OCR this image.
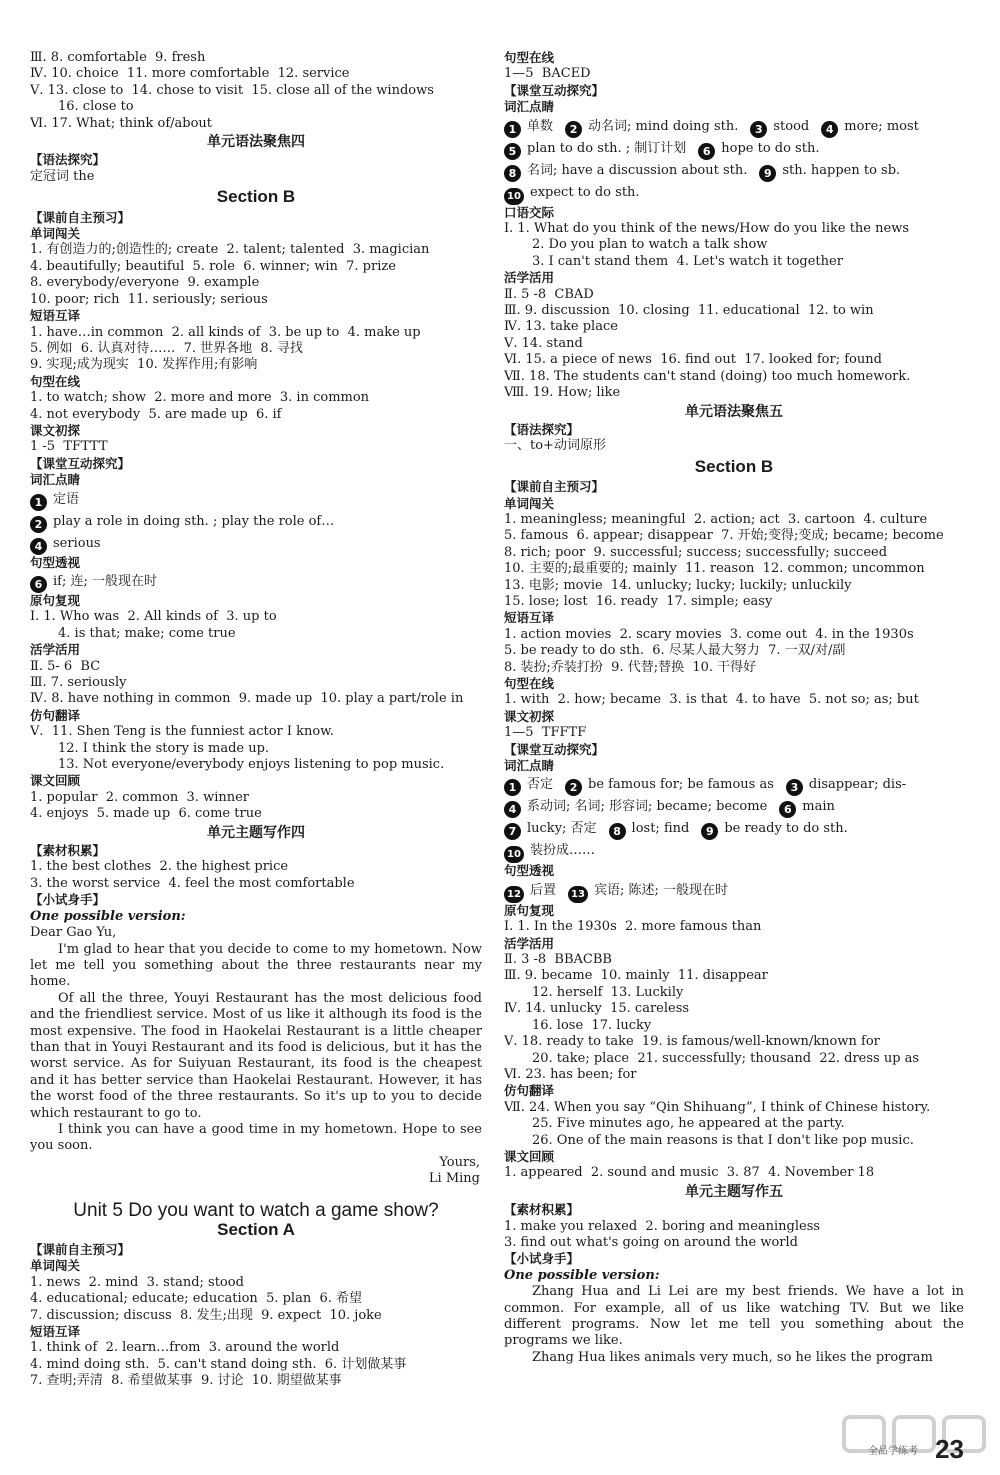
Ⅲ. 8. comfortable  9. fresh
Ⅳ. 10. choice  11. more comfortable  12. service
Ⅴ. 13. close to  14. chose to visit  15. close all of the windows
16. close to
Ⅵ. 17. What; think of/about
单元语法聚焦四
【语法探究】
定冠词 the
Section B
【课前自主预习】
单词闯关
1. 有创造力的;创造性的; create  2. talent; talented  3. magician
4. beautifully; beautiful  5. role  6. winner; win  7. prize
8. everybody/everyone  9. example
10. poor; rich  11. seriously; serious
短语互译
1. have…in common  2. all kinds of  3. be up to  4. make up
5. 例如  6. 认真对待……  7. 世界各地  8. 寻找
9. 实现;成为现实  10. 发挥作用;有影响
句型在线
1. to watch; show  2. more and more  3. in common
4. not everybody  5. are made up  6. if
课文初探
1 -5  TFTTT
【课堂互动探究】
词汇点睛
1 定语
2 play a role in doing sth. ; play the role of…
4 serious
句型透视
6 if; 连; 一般现在时
原句复现
Ⅰ. 1. Who was  2. All kinds of  3. up to
4. is that; make; come true
活学活用
Ⅱ. 5- 6  BC
Ⅲ. 7. seriously
Ⅳ. 8. have nothing in common  9. made up  10. play a part/role in
仿句翻译
Ⅴ.  11. Shen Teng is the funniest actor I know.
12. I think the story is made up.
13. Not everyone/everybody enjoys listening to pop music.
课文回顾
1. popular  2. common  3. winner
4. enjoys  5. made up  6. come true
单元主题写作四
【素材积累】
1. the best clothes  2. the highest price
3. the worst service  4. feel the most comfortable
【小试身手】
One possible version:
Dear Gao Yu,
I'm glad to hear that you decide to come to my hometown. Now let me tell you something about the three restaurants near my home.
Of all the three, Youyi Restaurant has the most delicious food and the friendliest service. Most of us like it although its food is the most expensive. The food in Haokelai Restaurant is a little cheaper than that in Youyi Restaurant and its food is delicious, but it has the worst service. As for Suiyuan Restaurant, its food is the cheapest and it has better service than Haokelai Restaurant. However, it has the worst food of the three restaurants. So it's up to you to decide which restaurant to go to.
I think you can have a good time in my hometown. Hope to see you soon.
Yours,
Li Ming
Unit 5 Do you want to watch a game show?
Section A
【课前自主预习】
单词闯关
1. news  2. mind  3. stand; stood
4. educational; educate; education  5. plan  6. 希望
7. discussion; discuss  8. 发生;出现  9. expect  10. joke
短语互译
1. think of  2. learn…from  3. around the world
4. mind doing sth.  5. can't stand doing sth.  6. 计划做某事
7. 查明;弄清  8. 希望做某事  9. 讨论  10. 期望做某事
句型在线
1—5  BACED
【课堂互动探究】
词汇点睛
1 单数 2 动名词; mind doing sth. 3 stood 4 more; most
5 plan to do sth. ; 制订计划 6 hope to do sth.
8 名词; have a discussion about sth. 9 sth. happen to sb.
10 expect to do sth.
口语交际
Ⅰ. 1. What do you think of the news/How do you like the news
2. Do you plan to watch a talk show
3. I can't stand them  4. Let's watch it together
活学活用
Ⅱ. 5 -8  CBAD
Ⅲ. 9. discussion  10. closing  11. educational  12. to win
Ⅳ. 13. take place
Ⅴ. 14. stand
Ⅵ. 15. a piece of news  16. find out  17. looked for; found
Ⅶ. 18. The students can't stand (doing) too much homework.
Ⅷ. 19. How; like
单元语法聚焦五
【语法探究】
一、to+动词原形
Section B
【课前自主预习】
单词闯关
1. meaningless; meaningful  2. action; act  3. cartoon  4. culture
5. famous  6. appear; disappear  7. 开始;变得;变成; became; become
8. rich; poor  9. successful; success; successfully; succeed
10. 主要的;最重要的; mainly  11. reason  12. common; uncommon
13. 电影; movie  14. unlucky; lucky; luckily; unluckily
15. lose; lost  16. ready  17. simple; easy
短语互译
1. action movies  2. scary movies  3. come out  4. in the 1930s
5. be ready to do sth.  6. 尽某人最大努力  7. 一双/对/副
8. 装扮;乔装打扮  9. 代替;替换  10. 干得好
句型在线
1. with  2. how; became  3. is that  4. to have  5. not so; as; but
课文初探
1—5  TFFTF
【课堂互动探究】
词汇点睛
1 否定 2 be famous for; be famous as 3 disappear; dis-
4 系动词; 名词; 形容词; became; become 6 main
7 lucky; 否定 8 lost; find 9 be ready to do sth.
10 装扮成……
句型透视
12 后置 13 宾语; 陈述; 一般现在时
原句复现
Ⅰ. 1. In the 1930s  2. more famous than
活学活用
Ⅱ. 3 -8  BBACBB
Ⅲ. 9. became  10. mainly  11. disappear
12. herself  13. Luckily
Ⅳ. 14. unlucky  15. careless
16. lose  17. lucky
Ⅴ. 18. ready to take  19. is famous/well-known/known for
20. take; place  21. successfully; thousand  22. dress up as
Ⅵ. 23. has been; for
仿句翻译
Ⅶ. 24. When you say “Qin Shihuang”, I think of Chinese history.
25. Five minutes ago, he appeared at the party.
26. One of the main reasons is that I don't like pop music.
课文回顾
1. appeared  2. sound and music  3. 87  4. November 18
单元主题写作五
【素材积累】
1. make you relaxed  2. boring and meaningless
3. find out what's going on around the world
【小试身手】
One possible version:
Zhang Hua and Li Lei are my best friends. We have a lot in common. For example, all of us like watching TV. But we like different programs. Now let me tell you something about the programs we like.
Zhang Hua likes animals very much, so he likes the program
全品学练考 23
